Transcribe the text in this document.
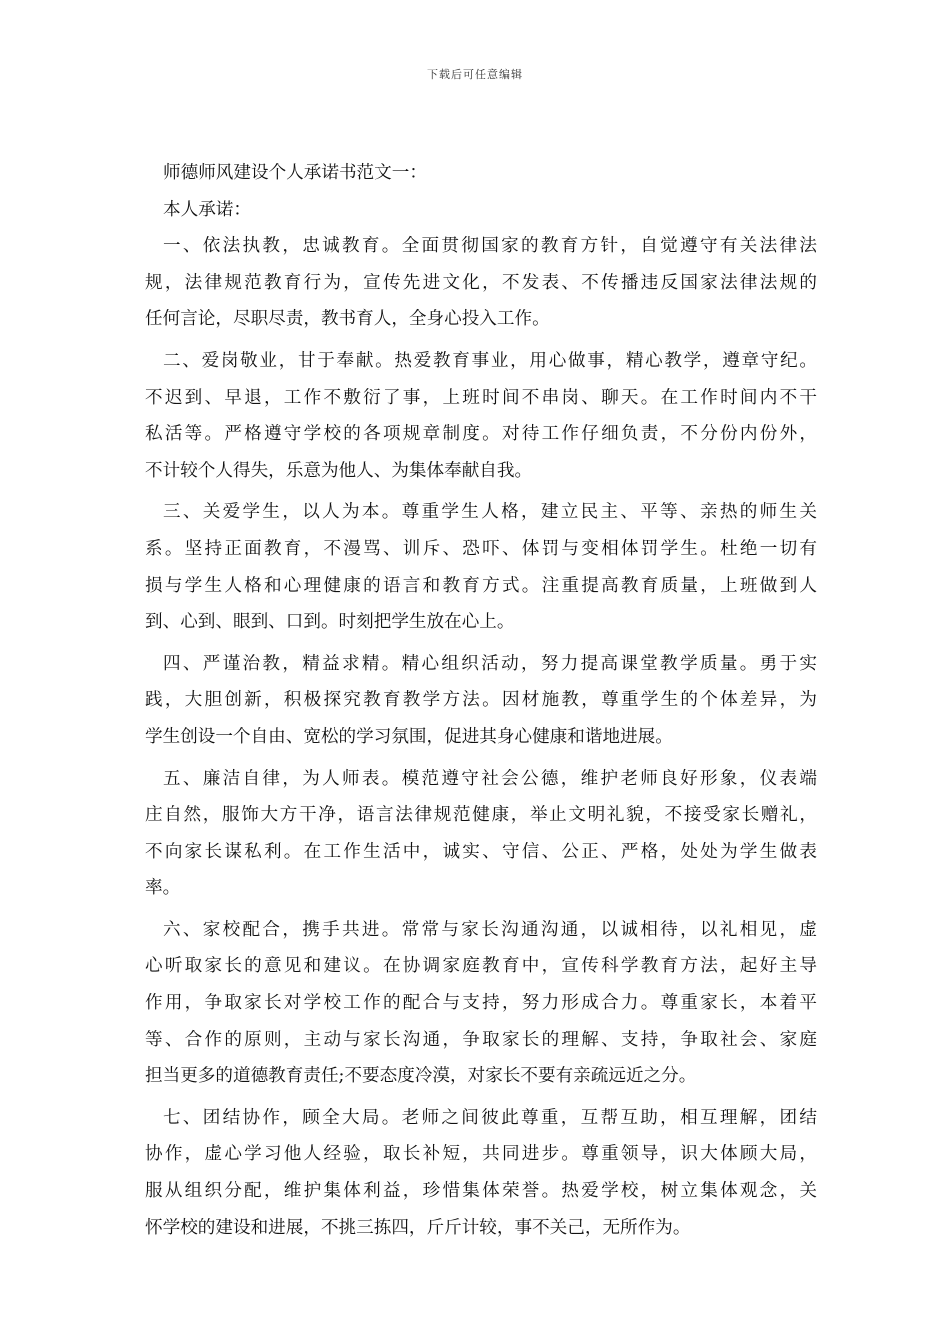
下载后可任意编辑
师德师风建设个人承诺书范文一：
本人承诺：
一、依法执教，忠诚教育。全面贯彻国家的教育方针，自觉遵守有关法律法
规，法律规范教育行为，宣传先进文化，不发表、不传播违反国家法律法规的
任何言论，尽职尽责，教书育人，全身心投入工作。
二、爱岗敬业，甘于奉献。热爱教育事业，用心做事，精心教学，遵章守纪。
不迟到、早退，工作不敷衍了事，上班时间不串岗、聊天。在工作时间内不干
私活等。严格遵守学校的各项规章制度。对待工作仔细负责，不分份内份外，
不计较个人得失，乐意为他人、为集体奉献自我。
三、关爱学生，以人为本。尊重学生人格，建立民主、平等、亲热的师生关
系。坚持正面教育，不漫骂、训斥、恐吓、体罚与变相体罚学生。杜绝一切有
损与学生人格和心理健康的语言和教育方式。注重提高教育质量，上班做到人
到、心到、眼到、口到。时刻把学生放在心上。
四、严谨治教，精益求精。精心组织活动，努力提高课堂教学质量。勇于实
践，大胆创新，积极探究教育教学方法。因材施教，尊重学生的个体差异，为
学生创设一个自由、宽松的学习氛围，促进其身心健康和谐地进展。
五、廉洁自律，为人师表。模范遵守社会公德，维护老师良好形象，仪表端
庄自然，服饰大方干净，语言法律规范健康，举止文明礼貌，不接受家长赠礼，
不向家长谋私利。在工作生活中，诚实、守信、公正、严格，处处为学生做表
率。
六、家校配合，携手共进。常常与家长沟通沟通，以诚相待，以礼相见，虚
心听取家长的意见和建议。在协调家庭教育中，宣传科学教育方法，起好主导
作用，争取家长对学校工作的配合与支持，努力形成合力。尊重家长，本着平
等、合作的原则，主动与家长沟通，争取家长的理解、支持，争取社会、家庭
担当更多的道德教育责任;不要态度冷漠，对家长不要有亲疏远近之分。
七、团结协作，顾全大局。老师之间彼此尊重，互帮互助，相互理解，团结
协作，虚心学习他人经验，取长补短，共同进步。尊重领导，识大体顾大局，
服从组织分配，维护集体利益，珍惜集体荣誉。热爱学校，树立集体观念，关
怀学校的建设和进展，不挑三拣四，斤斤计较，事不关己，无所作为。
